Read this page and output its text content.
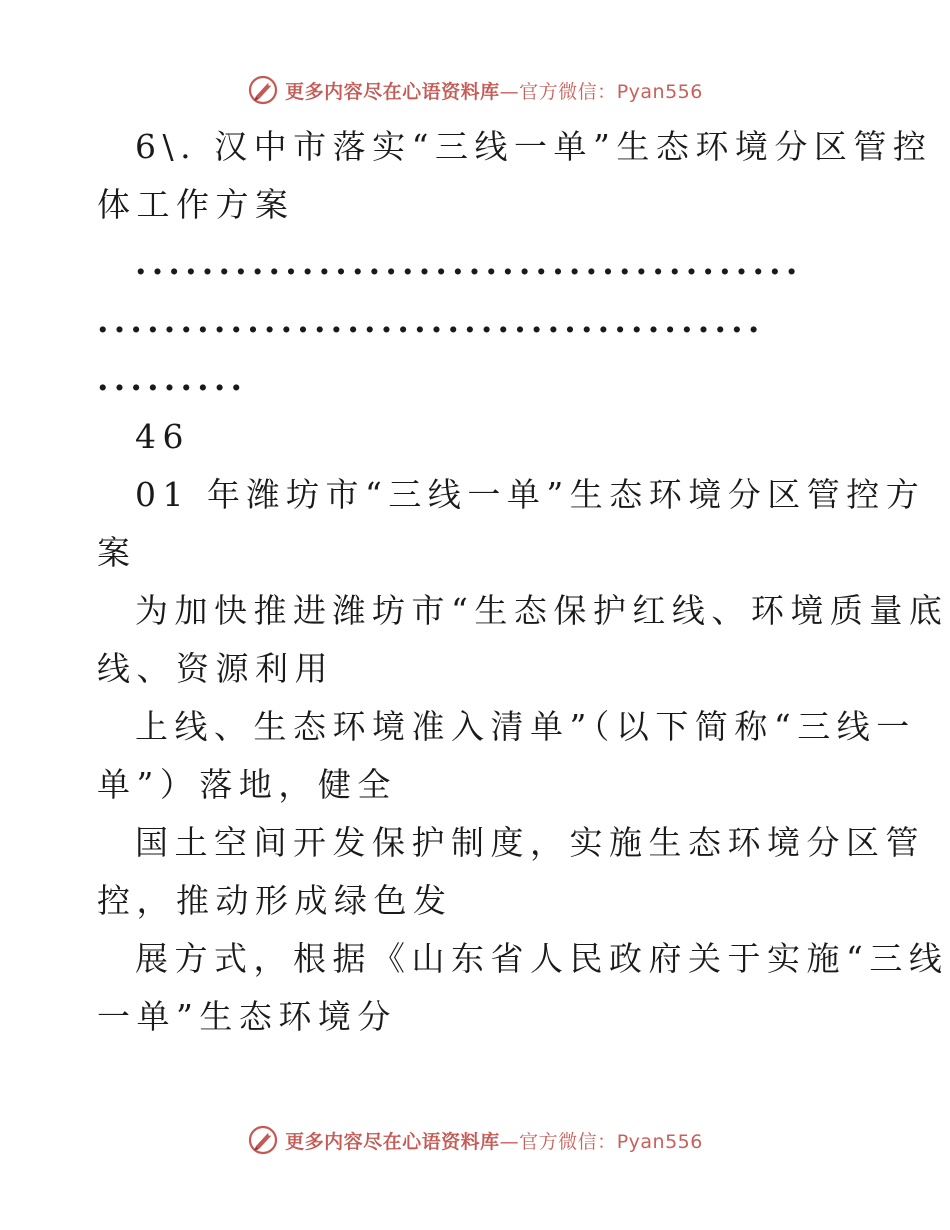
更多内容尽在心语资料库—官方微信：Pyan556
6\. 汉中市落实“三线一单”生态环境分区管控
体工作方案
........................................
........................................
.........
46
01 年潍坊市“三线一单”生态环境分区管控方
案
为加快推进潍坊市“生态保护红线、环境质量底
线、资源利用
上线、生态环境准入清单”（以下简称“三线一
单”）落地，健全
国土空间开发保护制度，实施生态环境分区管
控，推动形成绿色发
展方式，根据《山东省人民政府关于实施“三线
一单”生态环境分
更多内容尽在心语资料库—官方微信：Pyan556
